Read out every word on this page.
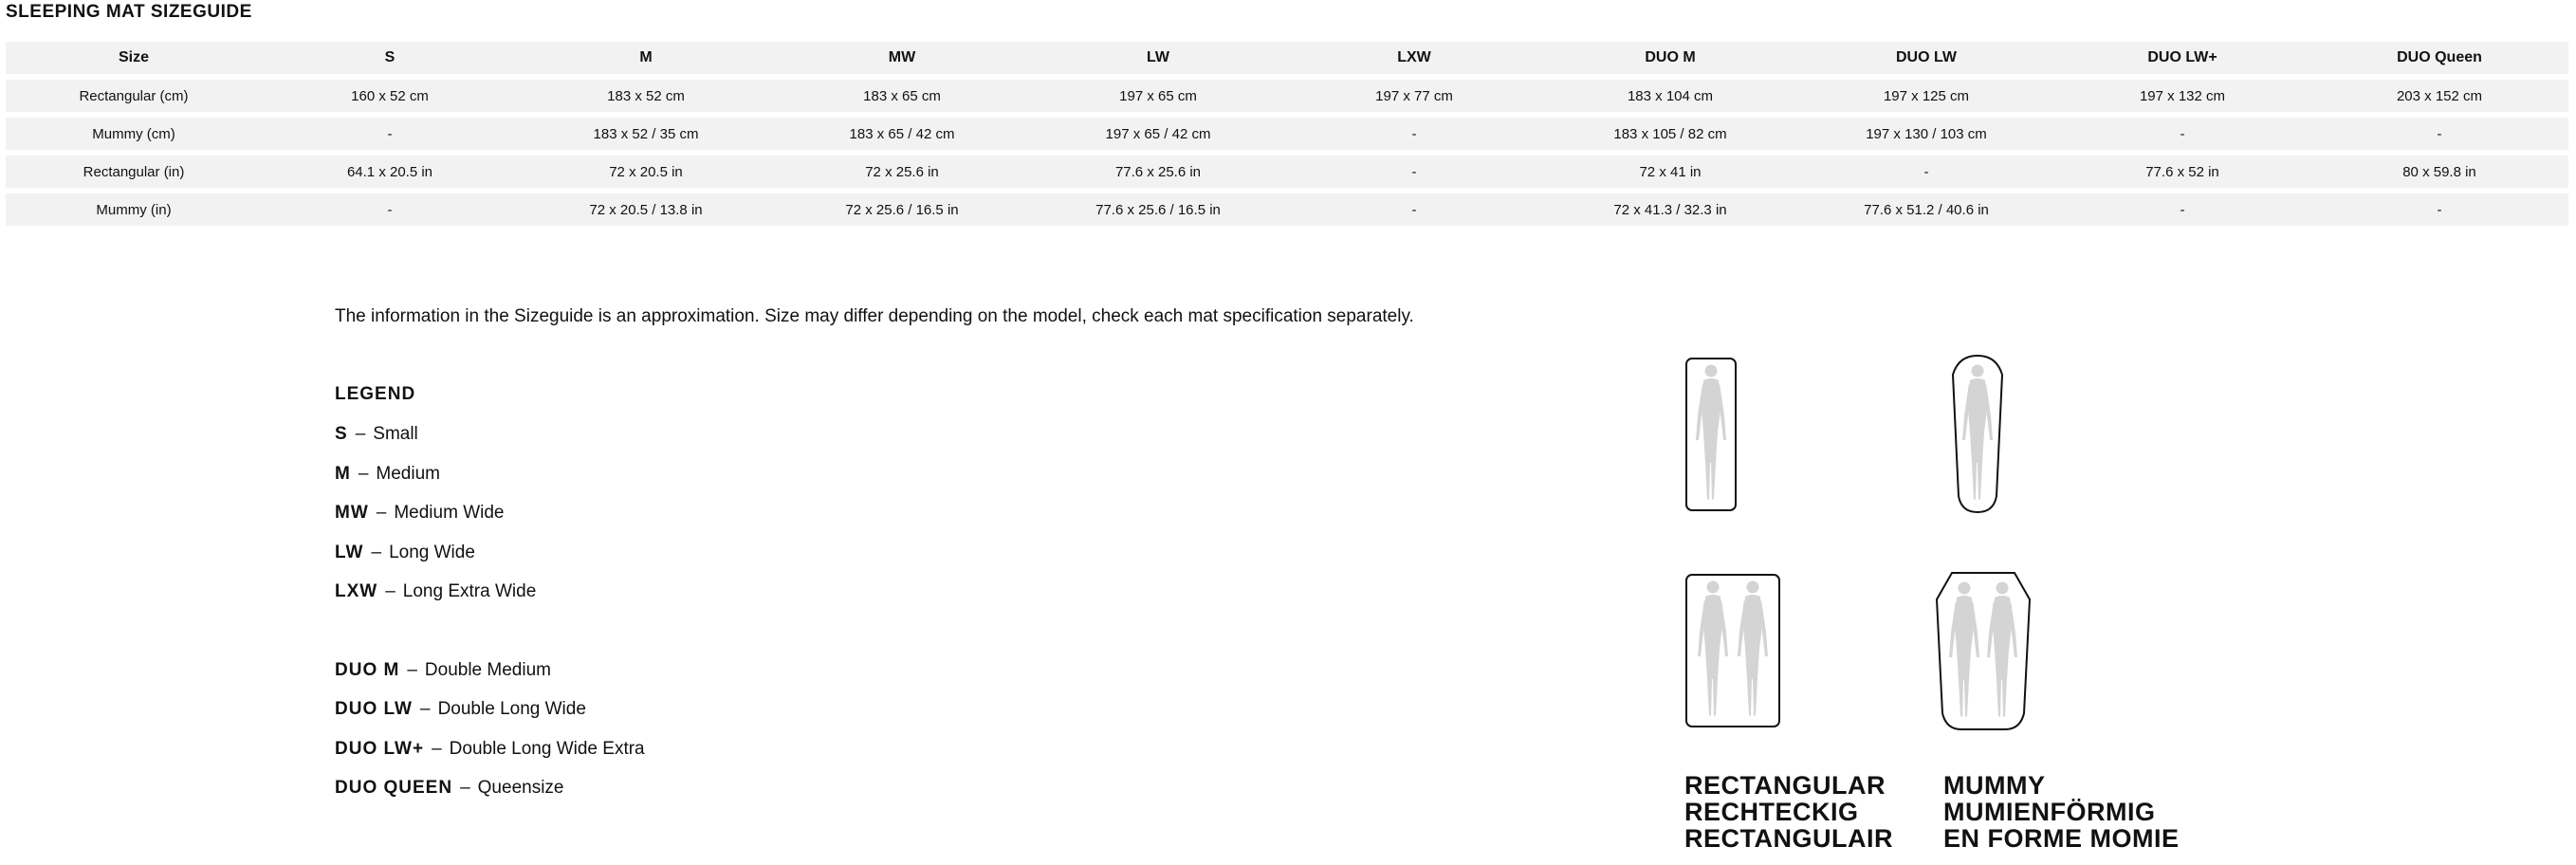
SLEEPING MAT SIZEGUIDE
Size	S	M	MW	LW	LXW	DUO M	DUO LW	DUO LW+	DUO Queen
Rectangular (cm)	160 x 52 cm	183 x 52 cm	183 x 65 cm	197 x 65 cm	197 x 77 cm	183 x 104 cm	197 x 125 cm	197 x 132 cm	203 x 152 cm
Mummy (cm)	-	183 x 52 / 35 cm	183 x 65 / 42 cm	197 x 65 / 42 cm	-	183 x 105 / 82 cm	197 x 130 / 103 cm	-	-
Rectangular (in)	64.1 x 20.5 in	72 x 20.5 in	72 x 25.6 in	77.6 x 25.6 in	-	72 x 41 in	-	77.6 x 52 in	80 x 59.8 in
Mummy (in)	-	72 x 20.5 / 13.8 in	72 x 25.6 / 16.5 in	77.6 x 25.6 / 16.5 in	-	72 x 41.3 / 32.3 in	77.6 x 51.2 / 40.6 in	-	-

The information in the Sizeguide is an approximation. Size may differ depending on the model, check each mat specification separately.

LEGEND
S – Small
M – Medium
MW – Medium Wide
LW – Long Wide
LXW – Long Extra Wide
DUO M – Double Medium
DUO LW – Double Long Wide
DUO LW+ – Double Long Wide Extra
DUO QUEEN – Queensize	RECTANGULAR
RECHTECKIG
RECTANGULAIR
MUMMY
MUMIENFÖRMIG
EN FORME MOMIE
